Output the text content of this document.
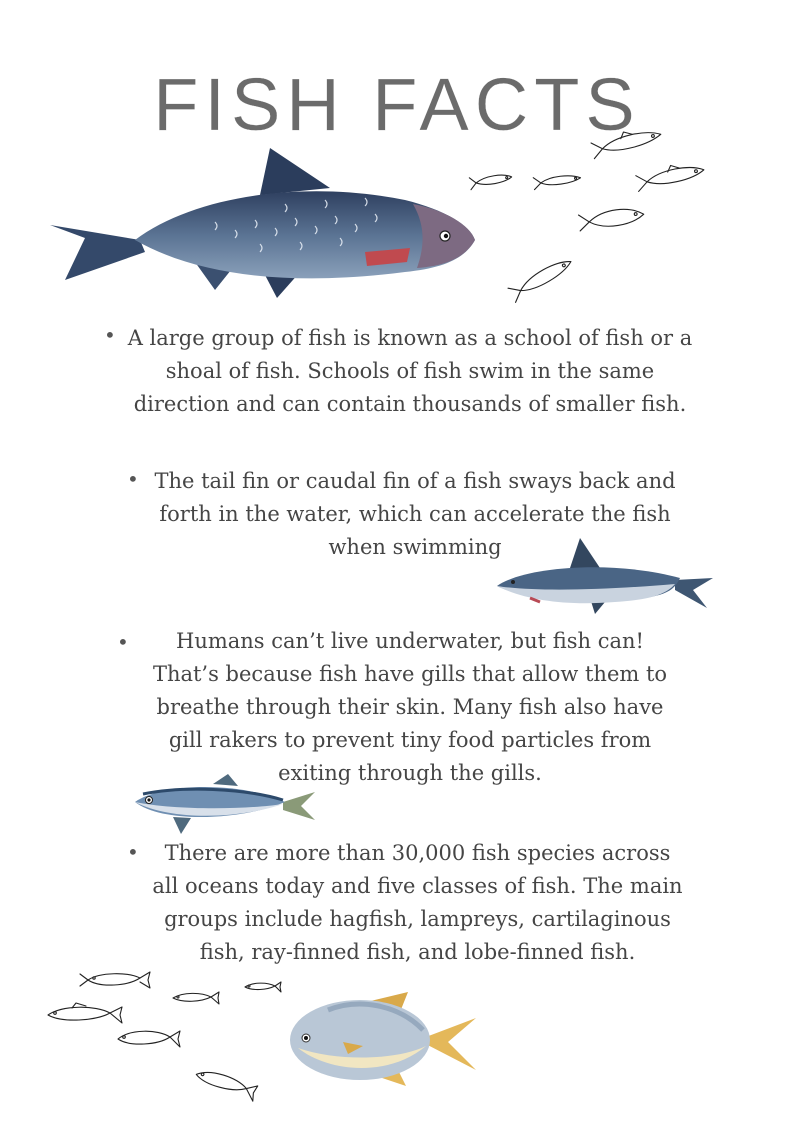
FISH FACTS
• A large group of fish is known as a school of fish or a shoal of fish. Schools of fish swim in the same direction and can contain thousands of smaller fish.

• The tail fin or caudal fin of a fish sways back and forth in the water, which can accelerate the fish when swimming

•	Humans can’t live underwater, but fish can! That’s because fish have gills that allow them to breathe through their skin. Many fish also have gill rakers to prevent tiny food particles from exiting through the gills.

•	There are more than 30,000 fish species across all oceans today and five classes of fish. The main groups include hagfish, lampreys, cartilaginous fish, ray-finned fish, and lobe-finned fish.
